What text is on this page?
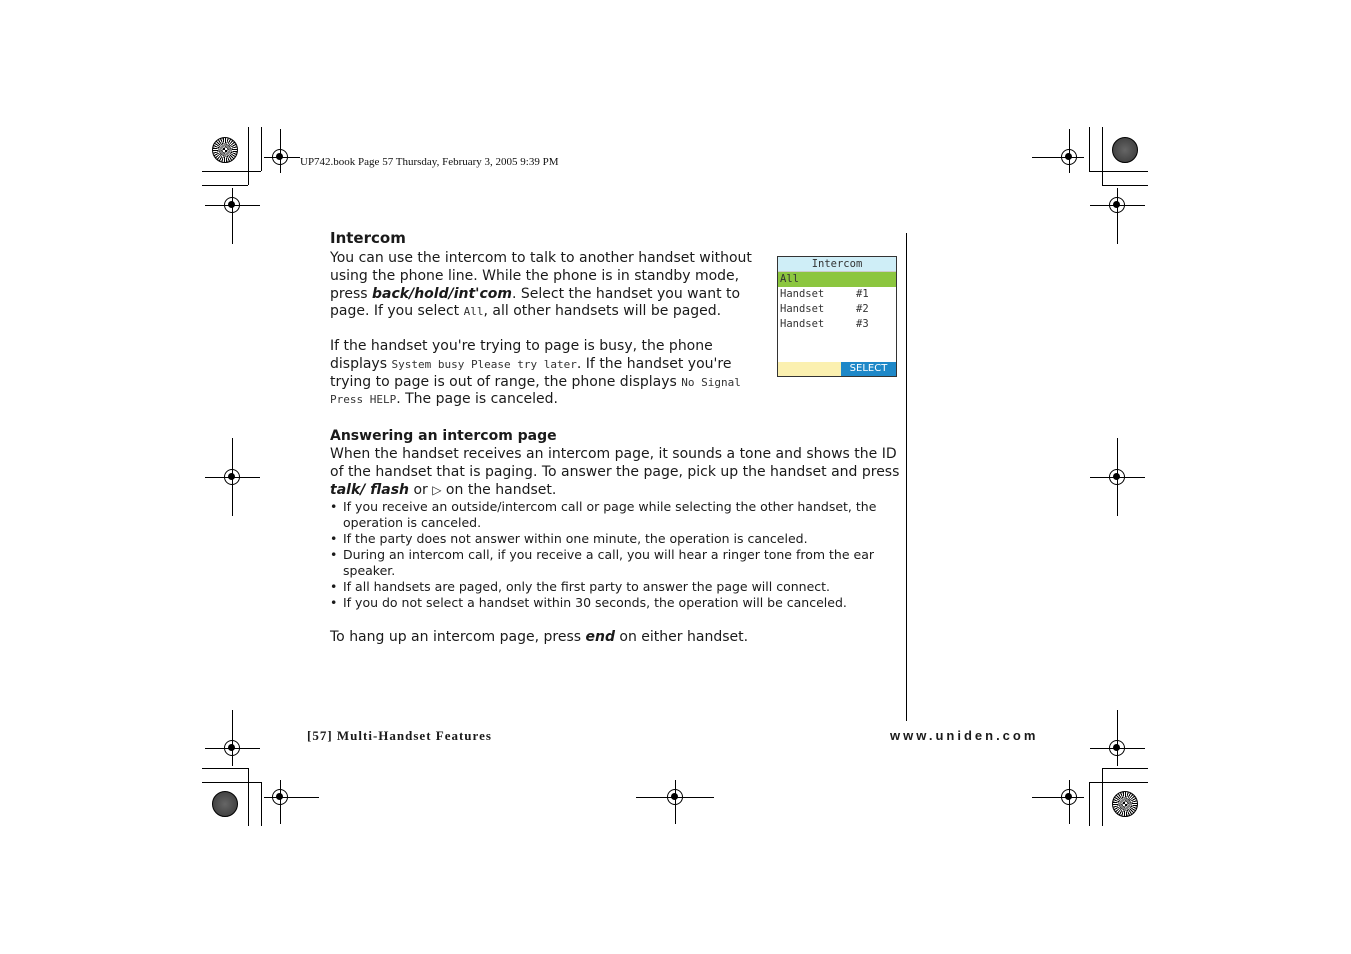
UP742.book Page 57 Thursday, February 3, 2005 9:39 PM
Intercom
You can use the intercom to talk to another handset without using the phone line. While the phone is in standby mode, press back/hold/int'com. Select the handset you want to page. If you select All, all other handsets will be paged.
If the handset you're trying to page is busy, the phone displays System busy Please try later. If the handset you're trying to page is out of range, the phone displays No Signal Press HELP. The page is canceled.
Intercom
All
Handset	#1
Handset	#2
Handset	#3
SELECT
Answering an intercom page
When the handset receives an intercom page, it sounds a tone and shows the ID of the handset that is paging. To answer the page, pick up the handset and press talk/ flash or ▷ on the handset.
• If you receive an outside/intercom call or page while selecting the other handset, the operation is canceled.
• If the party does not answer within one minute, the operation is canceled.
• During an intercom call, if you receive a call, you will hear a ringer tone from the ear speaker.
• If all handsets are paged, only the first party to answer the page will connect.
• If you do not select a handset within 30 seconds, the operation will be canceled.
To hang up an intercom page, press end on either handset.
[57] Multi-Handset Features	www.uniden.com
